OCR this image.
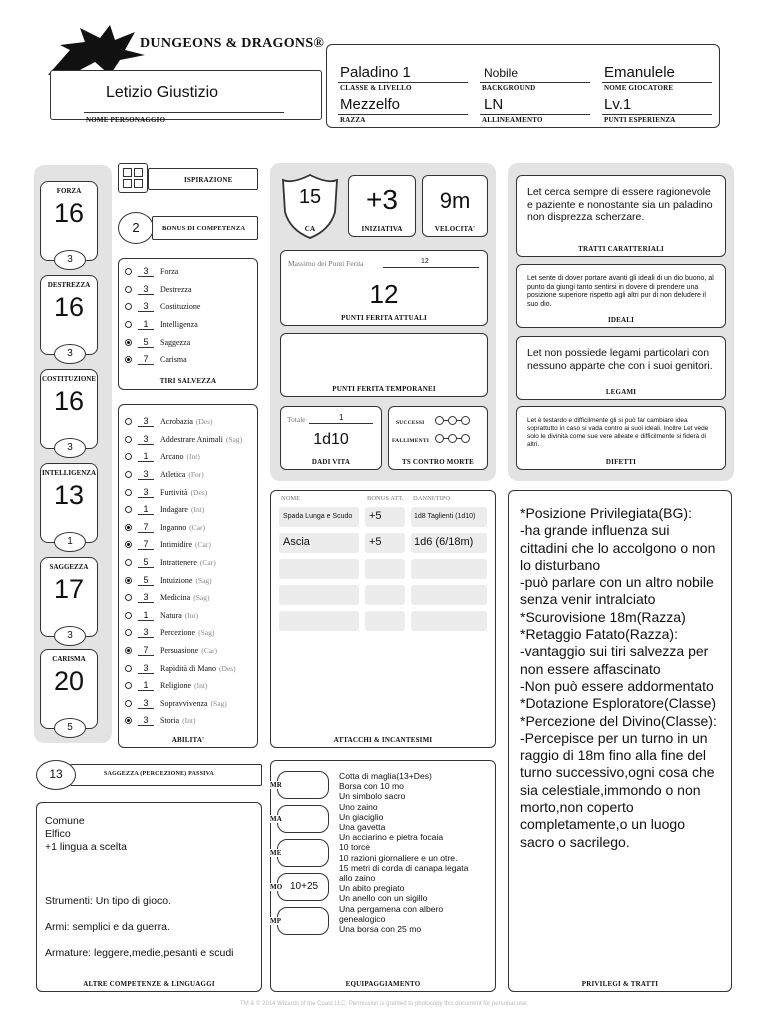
DUNGEONS & DRAGONS®
Letizio Giustizio
NOME PERSONAGGIO
Paladino 1
CLASSE & LIVELLO
Nobile
BACKGROUND
Emanulele
NOME GIOCATORE
Mezzelfo
RAZZA
LN
ALLINEAMENTO
Lv.1
PUNTI ESPERIENZA
FORZA
16
3
DESTREZZA
16
3
COSTITUZIONE
16
3
INTELLIGENZA
13
1
SAGGEZZA
17
3
CARISMA
20
5
ISPIRAZIONE
2	BONUS DI COMPETENZA
3	Forza
3	Destrezza
3	Costituzione
1	Intelligenza
5	Saggezza
7	Carisma
TIRI SALVEZZA
3	Acrobazia (Des)
3	Addestrare Animali (Sag)
1	Arcano (Int)
3	Atletica (For)
3	Furtività (Des)
1	Indagare (Int)
7	Inganno (Car)
7	Intimidire (Car)
5	Intrattenere (Car)
5	Intuizione (Sag)
3	Medicina (Sag)
1	Natura (Int)
3	Percezione (Sag)
7	Persuasione (Car)
3	Rapidità di Mano (Des)
1	Religione (Int)
3	Sopravvivenza (Sag)
3	Storia (Int)
ABILITA'
13	SAGGEZZA (PERCEZIONE) PASSIVA
Comune
Elfico
+1 lingua a scelta
Strumenti: Un tipo di gioco.
Armi: semplici e da guerra.
Armature: leggere,medie,pesanti e scudi
ALTRE COMPETENZE & LINGUAGGI
15
CA
+3
INIZIATIVA
9m
VELOCITA'
Massimo dei Punti Ferita	12
12
PUNTI FERITA ATTUALI
PUNTI FERITA TEMPORANEI
Totale	1
1d10
DADI VITA
SUCCESSI
FALLIMENTI
TS CONTRO MORTE
NOME	BONUS ATT. DANNI/TIPO
Spada Lunga e Scudo +5	1d8 Taglienti (1d10)
Ascia	+5	1d6 (6/18m)
ATTACCHI & INCANTESIMI
MR
MA
ME
MO 10+25
MP
Cotta di maglia(13+Des)
Borsa con 10 mo
Un simbolo sacro
Uno zaino
Un giaciglio
Una gavetta
Un acciarino e pietra focaia
10 torce
10 razioni giornaliere e un otre.
15 metri di corda di canapa legata
allo zaino
Un abito pregiato
Un anello con un sigillo
Una pergamena con albero
genealogico
Una borsa con 25 mo
EQUIPAGGIAMENTO
Let cerca sempre di essere ragionevole e paziente e nonostante sia un paladino non disprezza scherzare.
TRATTI CARATTERIALI
Let sente di dover portare avanti gli ideali di un dio buono, al punto da giungi tanto sentirsi in dovere di prendere una posizione superiore rispetto agli altri pur di non deludere il suo dio.
IDEALI
Let non possiede legami particolari con nessuno apparte che con i suoi genitori.
LEGAMI
Let è testardo e difficilmente gli si può far cambiare idea soprattutto in caso si vada contro ai suoi ideali. Inoltre Let vede solo le divinità come sue vere alleate e difficilmente si fiderà di altri.
DIFETTI
*Posizione Privilegiata(BG):
-ha grande influenza sui
cittadini che lo accolgono o non
lo disturbano
-può parlare con un altro nobile
senza venir intralciato
*Scurovisione 18m(Razza)
*Retaggio Fatato(Razza):
-vantaggio sui tiri salvezza per
non essere affascinato
-Non può essere addormentato
*Dotazione Esploratore(Classe)
*Percezione del Divino(Classe):
-Percepisce per un turno in un
raggio di 18m fino alla fine del
turno successivo,ogni cosa che
sia celestiale,immondo o non
morto,non coperto
completamente,o un luogo
sacro o sacrilego.
PRIVILEGI & TRATTI
TM & © 2014 Wizards of the Coast LLC. Permission is granted to photocopy this document for personal use.
